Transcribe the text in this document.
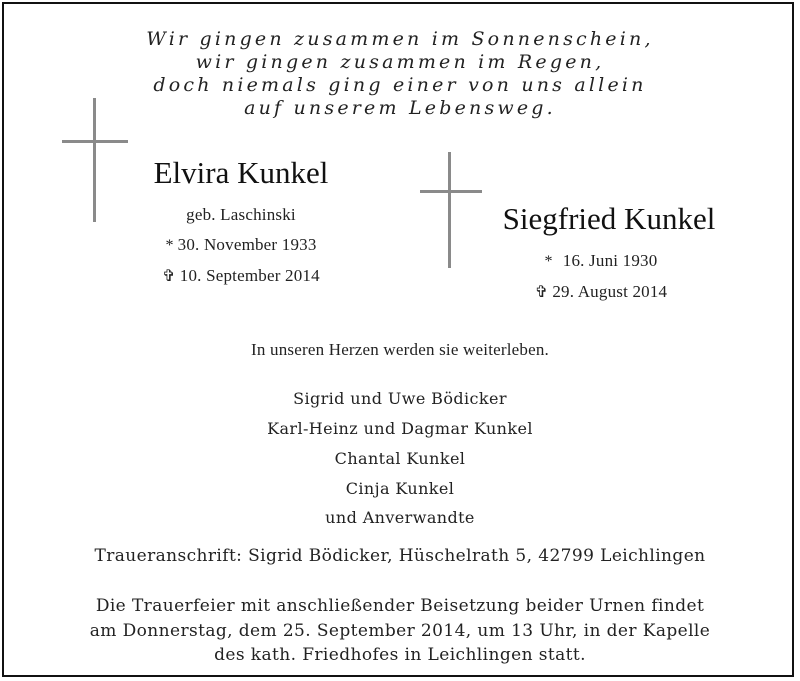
Wir gingen zusammen im Sonnenschein,
wir gingen zusammen im Regen,
doch niemals ging einer von uns allein
auf unserem Lebensweg.
Elvira Kunkel
geb. Laschinski
* 30. November 1933
✞ 10. September 2014
Siegfried Kunkel
* 16. Juni 1930
✞ 29. August 2014
In unseren Herzen werden sie weiterleben.
Sigrid und Uwe Bödicker
Karl-Heinz und Dagmar Kunkel
Chantal Kunkel
Cinja Kunkel
und Anverwandte
Traueranschrift: Sigrid Bödicker, Hüschelrath 5, 42799 Leichlingen
Die Trauerfeier mit anschließender Beisetzung beider Urnen findet
am Donnerstag, dem 25. September 2014, um 13 Uhr, in der Kapelle
des kath. Friedhofes in Leichlingen statt.
